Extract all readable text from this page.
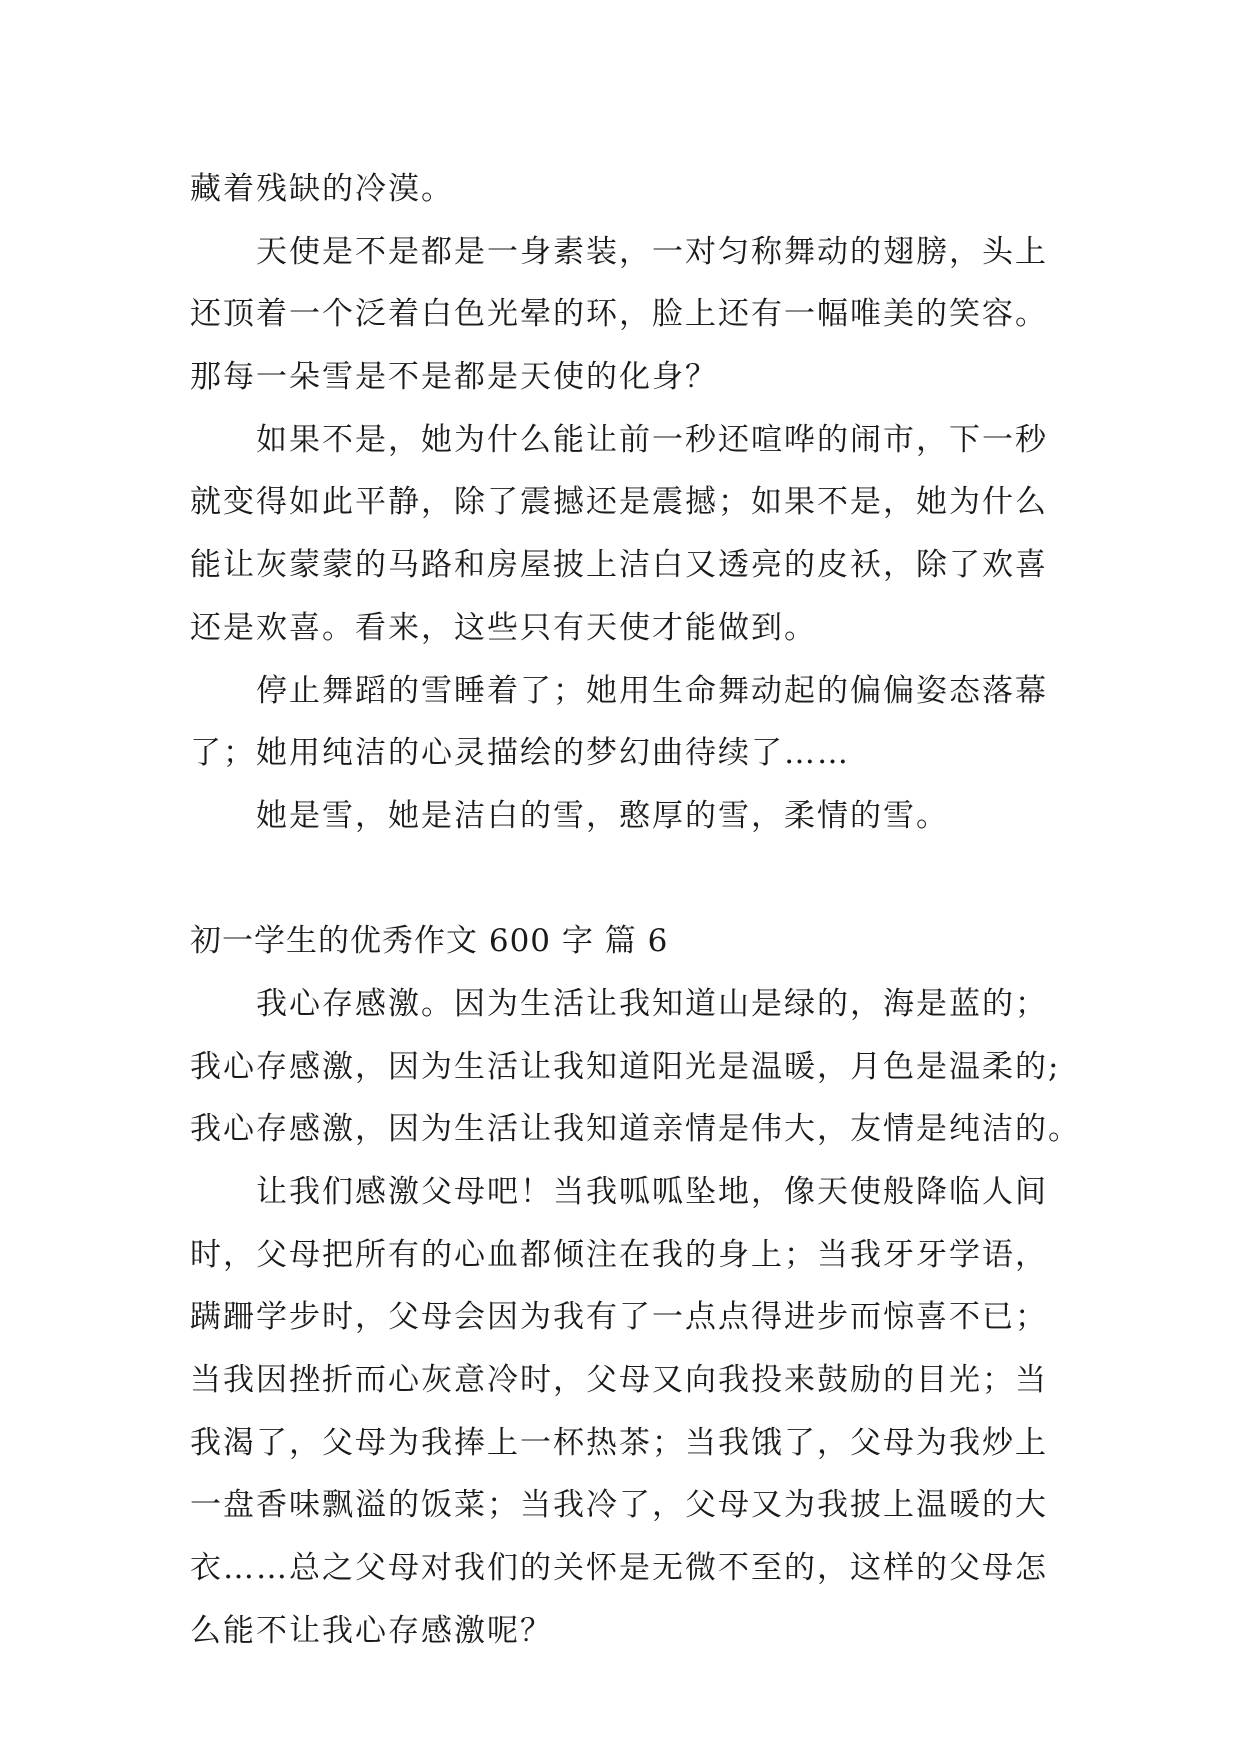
藏着残缺的冷漠。
天使是不是都是一身素装，一对匀称舞动的翅膀，头上
还顶着一个泛着白色光晕的环，脸上还有一幅唯美的笑容。
那每一朵雪是不是都是天使的化身？
如果不是，她为什么能让前一秒还喧哗的闹市，下一秒
就变得如此平静，除了震撼还是震撼；如果不是，她为什么
能让灰蒙蒙的马路和房屋披上洁白又透亮的皮袄，除了欢喜
还是欢喜。看来，这些只有天使才能做到。
停止舞蹈的雪睡着了；她用生命舞动起的偏偏姿态落幕
了；她用纯洁的心灵描绘的梦幻曲待续了……
她是雪，她是洁白的雪，憨厚的雪，柔情的雪。
初一学生的优秀作文 600 字 篇 6
我心存感激。因为生活让我知道山是绿的，海是蓝的；
我心存感激，因为生活让我知道阳光是温暖，月色是温柔的;
我心存感激，因为生活让我知道亲情是伟大，友情是纯洁的。
让我们感激父母吧！当我呱呱坠地，像天使般降临人间
时，父母把所有的心血都倾注在我的身上；当我牙牙学语，
蹒跚学步时，父母会因为我有了一点点得进步而惊喜不已；
当我因挫折而心灰意冷时，父母又向我投来鼓励的目光；当
我渴了，父母为我捧上一杯热茶；当我饿了，父母为我炒上
一盘香味飘溢的饭菜；当我冷了，父母又为我披上温暖的大
衣……总之父母对我们的关怀是无微不至的，这样的父母怎
么能不让我心存感激呢？
